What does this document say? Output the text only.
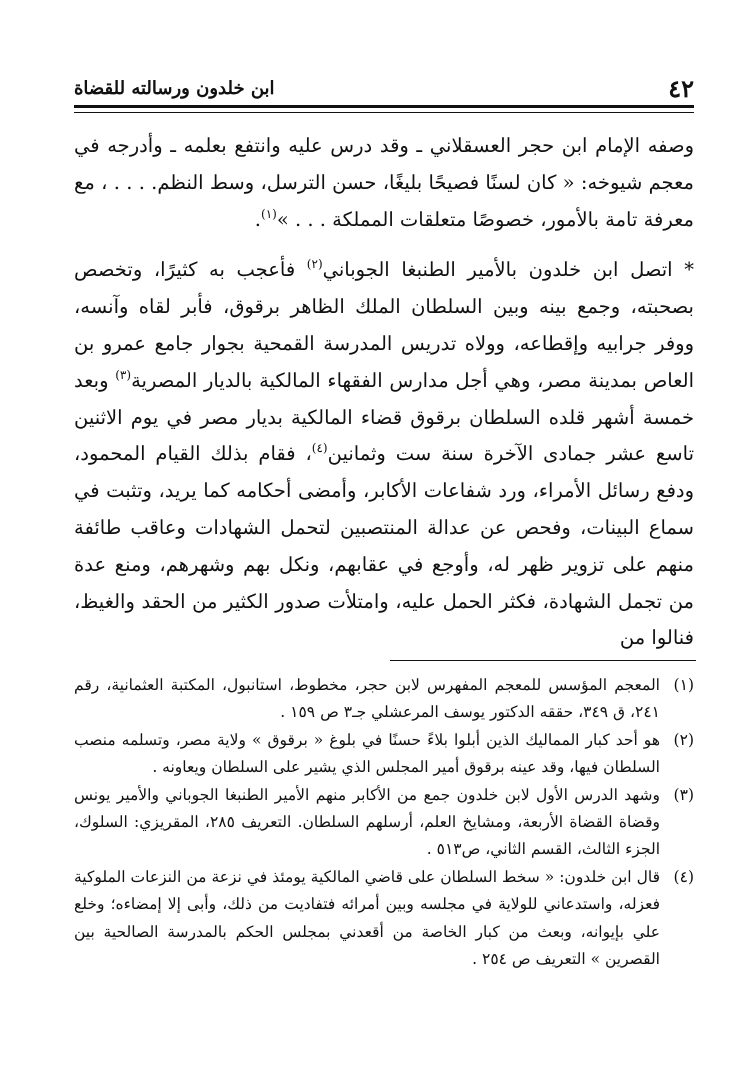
٤٢
ابن خلدون ورسالته للقضاة

وصفه الإمام ابن حجر العسقلاني ـ وقد درس عليه وانتفع بعلمه ـ وأدرجه في معجم شيوخه: « كان لسنًا فصيحًا بليغًا، حسن الترسل، وسط النظم. . . . ، مع معرفة تامة بالأمور، خصوصًا متعلقات المملكة . . . »$^{(١)}$.

* اتصل ابن خلدون بالأمير الطنبغا الجوباني$^{(٢)}$ فأعجب به كثيرًا، وتخصص بصحبته، وجمع بينه وبين السلطان الملك الظاهر برقوق، فأبر لقاه وآنسه، ووفر جرابيه وإقطاعه، وولاه تدريس المدرسة القمحية بجوار جامع عمرو بن العاص بمدينة مصر، وهي أجل مدارس الفقهاء المالكية بالديار المصرية$^{(٣)}$ وبعد خمسة أشهر قلده السلطان برقوق قضاء المالكية بديار مصر في يوم الاثنين تاسع عشر جمادى الآخرة سنة ست وثمانين$^{(٤)}$، فقام بذلك القيام المحمود، ودفع رسائل الأمراء، ورد شفاعات الأكابر، وأمضى أحكامه كما يريد، وتثبت في سماع البينات، وفحص عن عدالة المنتصبين لتحمل الشهادات وعاقب طائفة منهم على تزوير ظهر له، وأوجع في عقابهم، ونكل بهم وشهرهم، ومنع عدة من تجمل الشهادة، فكثر الحمل عليه، وامتلأت صدور الكثير من الحقد والغيظ، فنالوا من

(١)
المعجم المؤسس للمعجم المفهرس لابن حجر، مخطوط، استانبول، المكتبة العثمانية، رقم ٢٤١، ق ٣٤٩، حققه الدكتور يوسف المرعشلي جـ٣ ص ١٥٩ .

(٢)
هو أحد كبار المماليك الذين أبلوا بلاءً حسنًا في بلوغ « برقوق » ولاية مصر، وتسلمه منصب السلطان فيها، وقد عينه برقوق أمير المجلس الذي يشير على السلطان ويعاونه .

(٣)
وشهد الدرس الأول لابن خلدون جمع من الأكابر منهم الأمير الطنبغا الجوباني والأمير يونس وقضاة القضاة الأربعة، ومشايخ العلم، أرسلهم السلطان. التعريف ٢٨٥، المقريزي: السلوك، الجزء الثالث، القسم الثاني، ص٥١٣ .

(٤)
قال ابن خلدون: « سخط السلطان على قاضي المالكية يومئذ في نزعة من النزعات الملوكية فعزله، واستدعاني للولاية في مجلسه وبين أمرائه فتفاديت من ذلك، وأبى إلا إمضاءه؛ وخلع علي بإيوانه، وبعث من كبار الخاصة من أقعدني بمجلس الحكم بالمدرسة الصالحية بين القصرين » التعريف ص ٢٥٤ .
